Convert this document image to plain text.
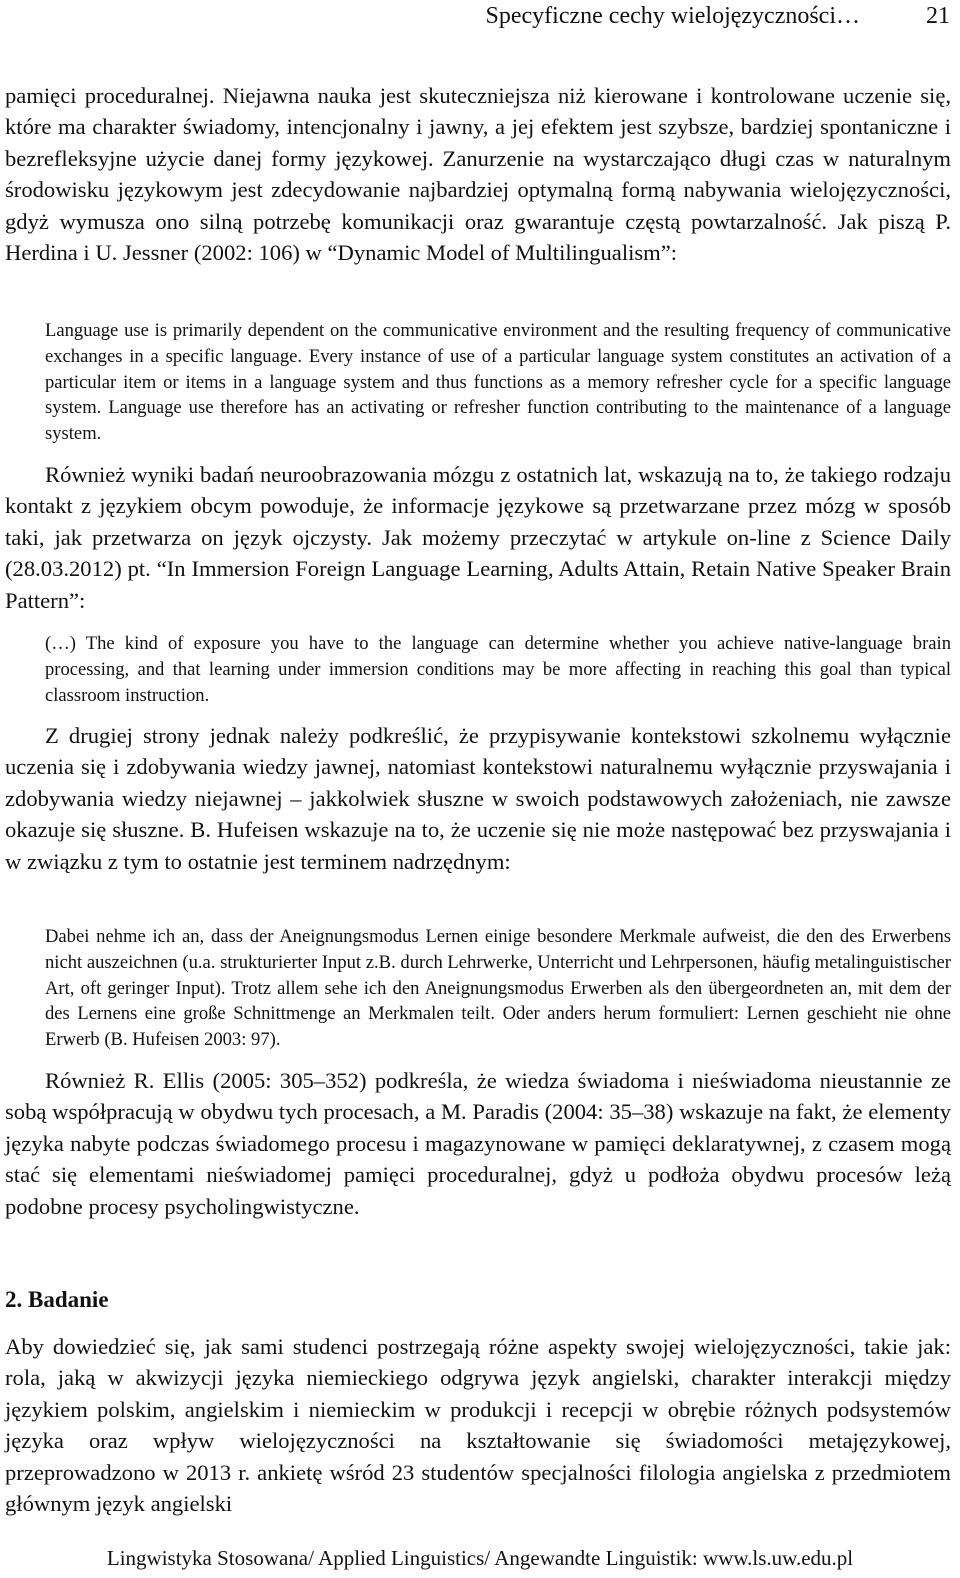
Specyficzne cechy wielojęzyczności…	21

pamięci proceduralnej. Niejawna nauka jest skuteczniejsza niż kierowane i kontrolowane uczenie się, które ma charakter świadomy, intencjonalny i jawny, a jej efektem jest szybsze, bardziej spontaniczne i bezrefleksyjne użycie danej formy językowej. Zanurzenie na wystarczająco długi czas w naturalnym środowisku językowym jest zdecydowanie najbardziej optymalną formą nabywania wielojęzyczności, gdyż wymusza ono silną potrzebę komunikacji oraz gwarantuje częstą powtarzalność. Jak piszą P. Herdina i U. Jessner (2002: 106) w “Dynamic Model of Multilingualism”:

Language use is primarily dependent on the communicative environment and the resulting frequency of communicative exchanges in a specific language. Every instance of use of a particular language system constitutes an activation of a particular item or items in a language system and thus functions as a memory refresher cycle for a specific language system. Language use therefore has an activating or refresher function contributing to the maintenance of a language system.

Również wyniki badań neuroobrazowania mózgu z ostatnich lat, wskazują na to, że takiego rodzaju kontakt z językiem obcym powoduje, że informacje językowe są przetwarzane przez mózg w sposób taki, jak przetwarza on język ojczysty. Jak możemy przeczytać w artykule on-line z Science Daily (28.03.2012) pt. “In Immersion Foreign Language Learning, Adults Attain, Retain Native Speaker Brain Pattern”:

(…) The kind of exposure you have to the language can determine whether you achieve native-language brain processing, and that learning under immersion conditions may be more affecting in reaching this goal than typical classroom instruction.

Z drugiej strony jednak należy podkreślić, że przypisywanie kontekstowi szkolnemu wyłącznie uczenia się i zdobywania wiedzy jawnej, natomiast kontekstowi naturalnemu wyłącznie przyswajania i zdobywania wiedzy niejawnej – jakkolwiek słuszne w swoich podstawowych założeniach, nie zawsze okazuje się słuszne. B. Hufeisen wskazuje na to, że uczenie się nie może następować bez przyswajania i w związku z tym to ostatnie jest terminem nadrzędnym:

Dabei nehme ich an, dass der Aneignungsmodus Lernen einige besondere Merkmale aufweist, die den des Erwerbens nicht auszeichnen (u.a. strukturierter Input z.B. durch Lehrwerke, Unterricht und Lehrpersonen, häufig metalinguistischer Art, oft geringer Input). Trotz allem sehe ich den Aneignungsmodus Erwerben als den übergeordneten an, mit dem der des Lernens eine große Schnittmenge an Merkmalen teilt. Oder anders herum formuliert: Lernen geschieht nie ohne Erwerb (B. Hufeisen 2003: 97).

Również R. Ellis (2005: 305–352) podkreśla, że wiedza świadoma i nieświadoma nieustannie ze sobą współpracują w obydwu tych procesach, a M. Paradis (2004: 35–38) wskazuje na fakt, że elementy języka nabyte podczas świadomego procesu i magazynowane w pamięci deklaratywnej, z czasem mogą stać się elementami nieświadomej pamięci proceduralnej, gdyż u podłoża obydwu procesów leżą podobne procesy psycholingwistyczne.

2. Badanie

Aby dowiedzieć się, jak sami studenci postrzegają różne aspekty swojej wielojęzyczności, takie jak: rola, jaką w akwizycji języka niemieckiego odgrywa język angielski, charakter interakcji między językiem polskim, angielskim i niemieckim w produkcji i recepcji w obrębie różnych podsystemów języka oraz wpływ wielojęzyczności na kształtowanie się świadomości metajęzykowej, przeprowadzono w 2013 r. ankietę wśród 23 studentów specjalności filologia angielska z przedmiotem głównym język angielski

Lingwistyka Stosowana/ Applied Linguistics/ Angewandte Linguistik: www.ls.uw.edu.pl
